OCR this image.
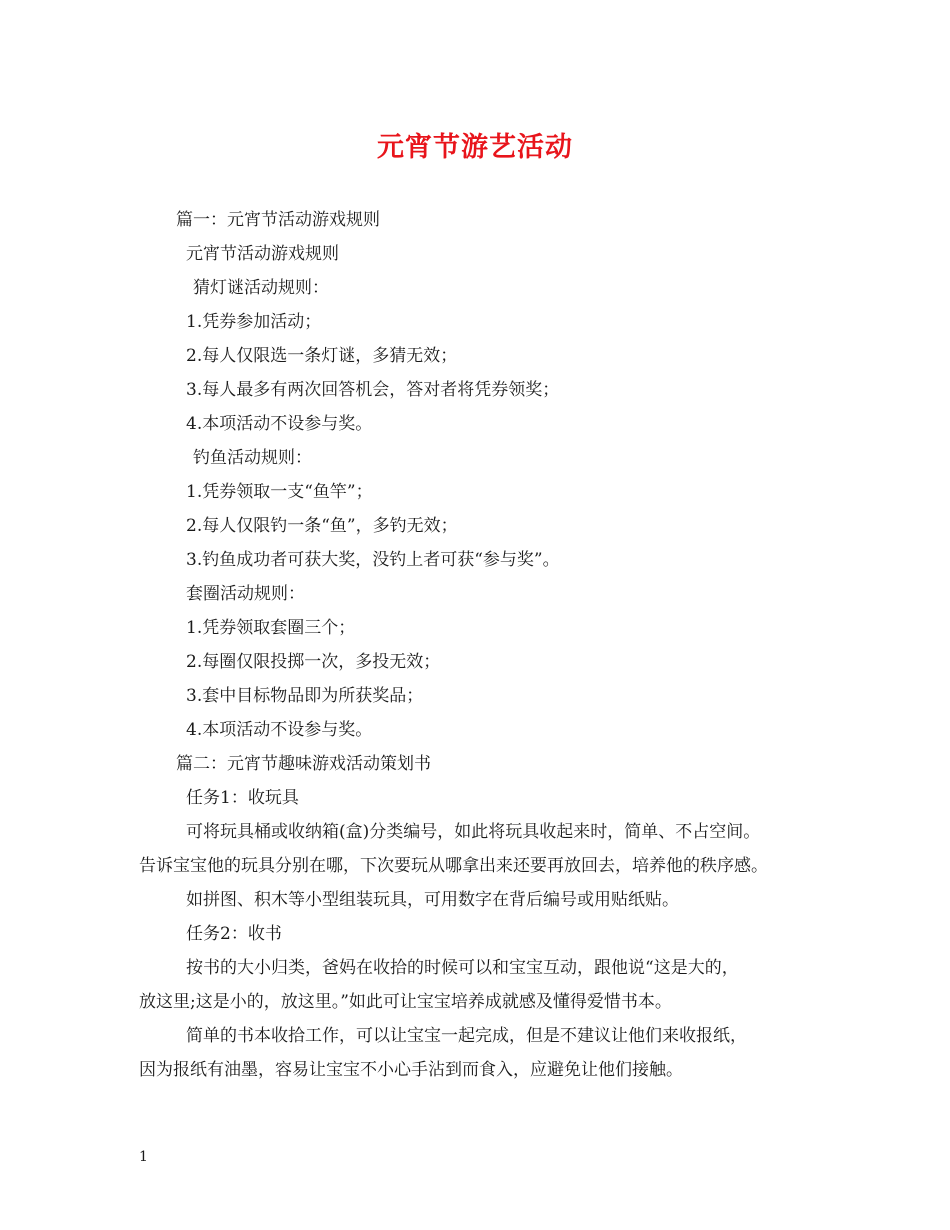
元宵节游艺活动
篇一：元宵节活动游戏规则
元宵节活动游戏规则
猜灯谜活动规则：
1.凭券参加活动；
2.每人仅限选一条灯谜，多猜无效；
3.每人最多有两次回答机会，答对者将凭券领奖；
4.本项活动不设参与奖。
钓鱼活动规则：
1.凭券领取一支“鱼竿”；
2.每人仅限钓一条“鱼”，多钓无效；
3.钓鱼成功者可获大奖，没钓上者可获“参与奖”。
套圈活动规则：
1.凭券领取套圈三个；
2.每圈仅限投掷一次，多投无效；
3.套中目标物品即为所获奖品；
4.本项活动不设参与奖。
篇二：元宵节趣味游戏活动策划书
任务1：收玩具
可将玩具桶或收纳箱(盒)分类编号，如此将玩具收起来时，简单、不占空间。
告诉宝宝他的玩具分别在哪，下次要玩从哪拿出来还要再放回去，培养他的秩序感。
如拼图、积木等小型组装玩具，可用数字在背后编号或用贴纸贴。
任务2：收书
按书的大小归类，爸妈在收拾的时候可以和宝宝互动，跟他说“这是大的，
放这里;这是小的，放这里。”如此可让宝宝培养成就感及懂得爱惜书本。
简单的书本收拾工作，可以让宝宝一起完成，但是不建议让他们来收报纸，
因为报纸有油墨，容易让宝宝不小心手沾到而食入，应避免让他们接触。
1
